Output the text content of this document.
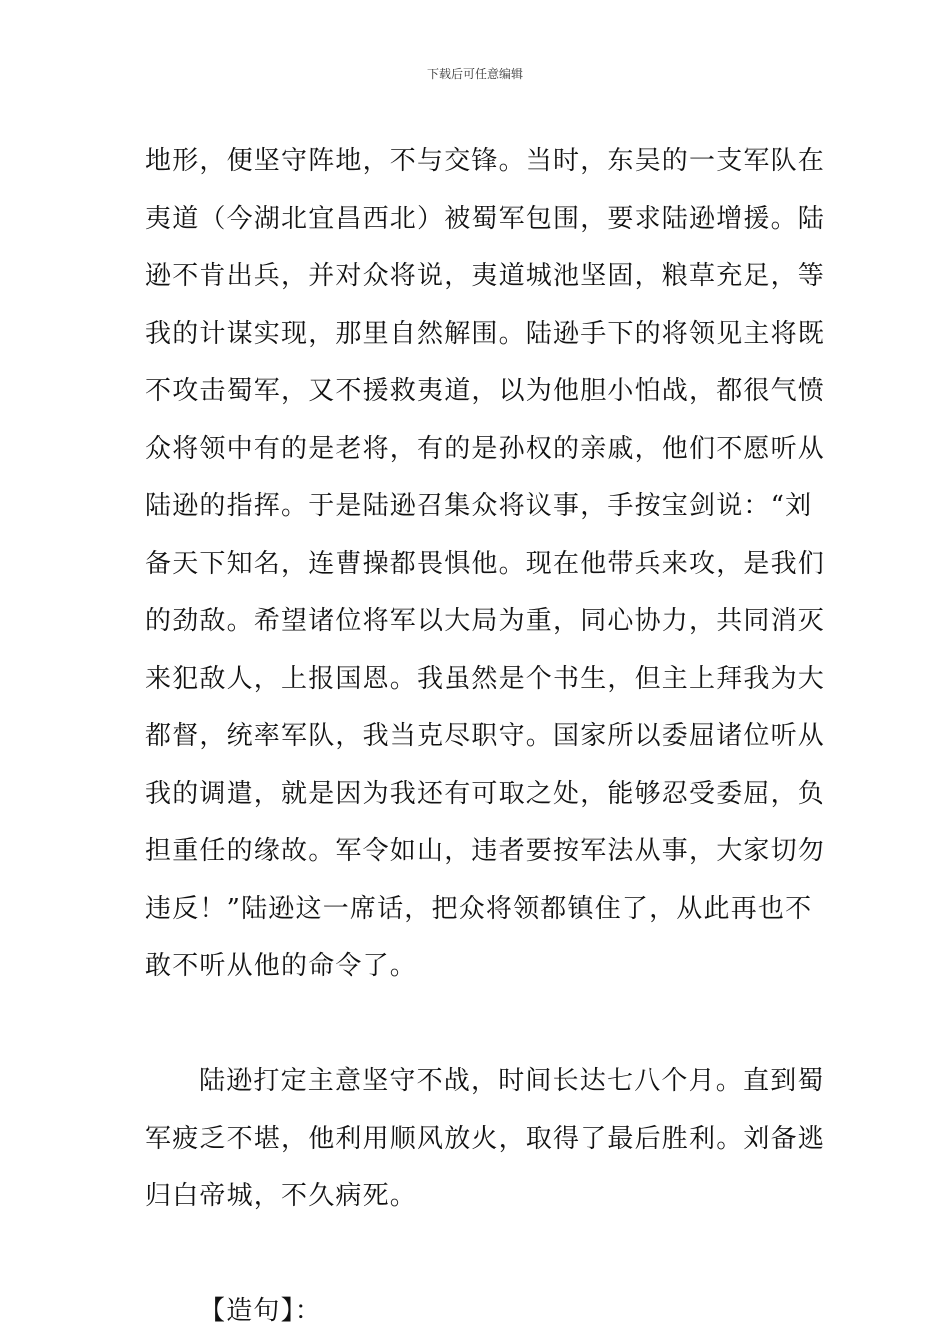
下载后可任意编辑
地形，便坚守阵地，不与交锋。当时，东吴的一支军队在
夷道（今湖北宜昌西北）被蜀军包围，要求陆逊增援。陆
逊不肯出兵，并对众将说，夷道城池坚固，粮草充足，等
我的计谋实现，那里自然解围。陆逊手下的将领见主将既
不攻击蜀军，又不援救夷道，以为他胆小怕战，都很气愤
众将领中有的是老将，有的是孙权的亲戚，他们不愿听从
陆逊的指挥。于是陆逊召集众将议事，手按宝剑说：“刘
备天下知名，连曹操都畏惧他。现在他带兵来攻，是我们
的劲敌。希望诸位将军以大局为重，同心协力，共同消灭
来犯敌人，上报国恩。我虽然是个书生，但主上拜我为大
都督，统率军队，我当克尽职守。国家所以委屈诸位听从
我的调遣，就是因为我还有可取之处，能够忍受委屈，负
担重任的缘故。军令如山，违者要按军法从事，大家切勿
违反！”陆逊这一席话，把众将领都镇住了，从此再也不
敢不听从他的命令了。
陆逊打定主意坚守不战，时间长达七八个月。直到蜀
军疲乏不堪，他利用顺风放火，取得了最后胜利。刘备逃
归白帝城，不久病死。
【造句】：
